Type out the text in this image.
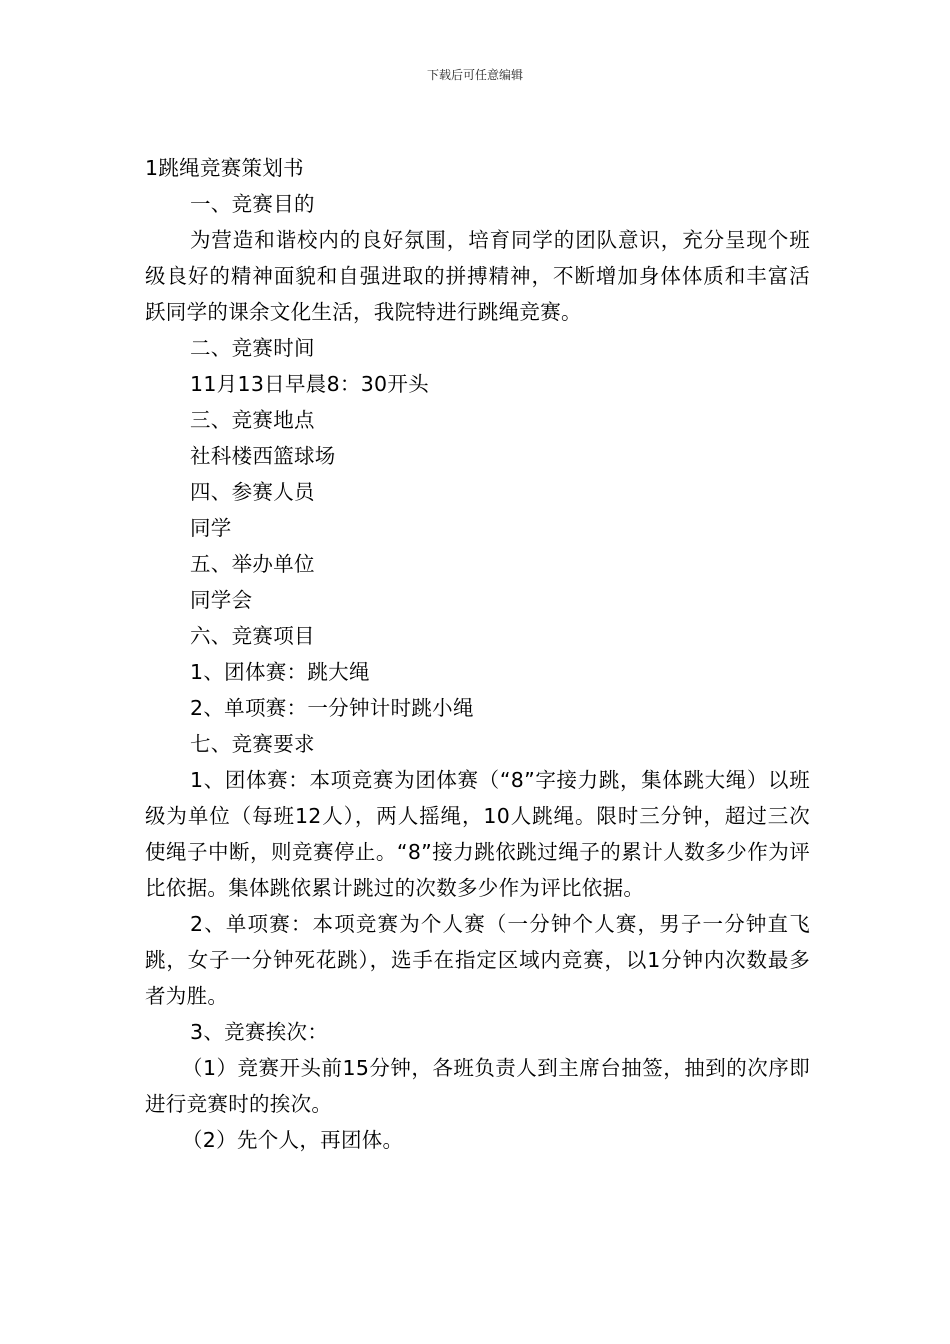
下载后可任意编辑

1跳绳竞赛策划书

一、竞赛目的

为营造和谐校内的良好氛围，培育同学的团队意识，充分呈现个班级良好的精神面貌和自强进取的拼搏精神，不断增加身体体质和丰富活跃同学的课余文化生活，我院特进行跳绳竞赛。

二、竞赛时间

11月13日早晨8：30开头

三、竞赛地点

社科楼西篮球场

四、参赛人员

同学

五、举办单位

同学会

六、竞赛项目

1、团体赛：跳大绳

2、单项赛：一分钟计时跳小绳

七、竞赛要求

1、团体赛：本项竞赛为团体赛（“8”字接力跳，集体跳大绳）以班级为单位（每班12人），两人摇绳，10人跳绳。限时三分钟，超过三次使绳子中断，则竞赛停止。“8”接力跳依跳过绳子的累计人数多少作为评比依据。集体跳依累计跳过的次数多少作为评比依据。

2、单项赛：本项竞赛为个人赛（一分钟个人赛，男子一分钟直飞跳，女子一分钟死花跳），选手在指定区域内竞赛，以1分钟内次数最多者为胜。

3、竞赛挨次：

（1）竞赛开头前15分钟，各班负责人到主席台抽签，抽到的次序即进行竞赛时的挨次。

（2）先个人，再团体。
